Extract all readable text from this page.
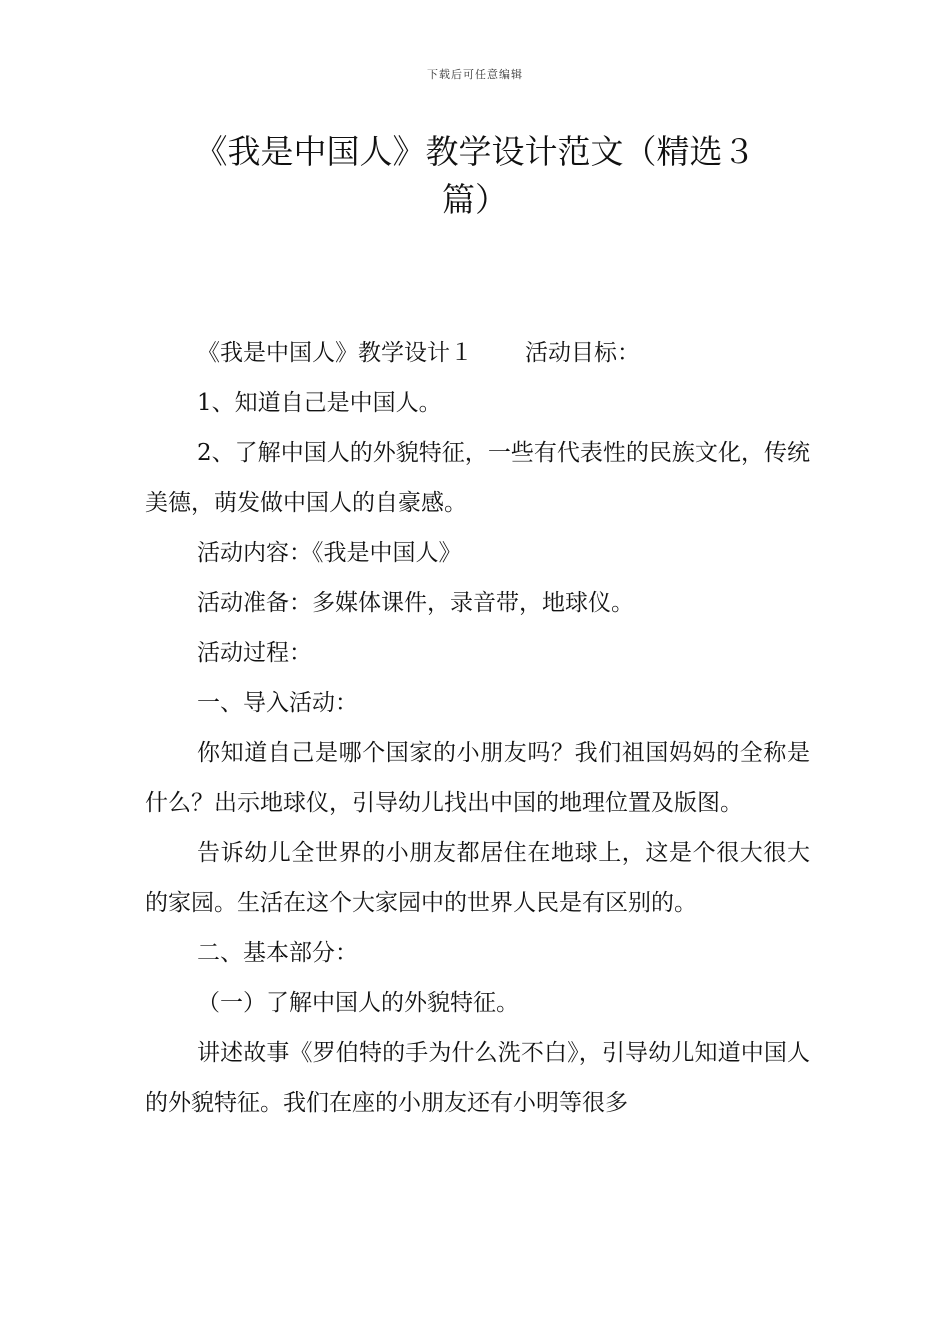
下载后可任意编辑
《我是中国人》教学设计范文（精选３
篇）

《我是中国人》教学设计１ 活动目标：

1、知道自己是中国人。

2、了解中国人的外貌特征，一些有代表性的民族文化，传统美德，萌发做中国人的自豪感。

活动内容：《我是中国人》

活动准备：多媒体课件，录音带，地球仪。

活动过程：

一、导入活动：

你知道自己是哪个国家的小朋友吗？我们祖国妈妈的全称是什么？出示地球仪，引导幼儿找出中国的地理位置及版图。

告诉幼儿全世界的小朋友都居住在地球上，这是个很大很大的家园。生活在这个大家园中的世界人民是有区别的。

二、基本部分：

（一）了解中国人的外貌特征。

讲述故事《罗伯特的手为什么洗不白》，引导幼儿知道中国人的外貌特征。我们在座的小朋友还有小明等很多
